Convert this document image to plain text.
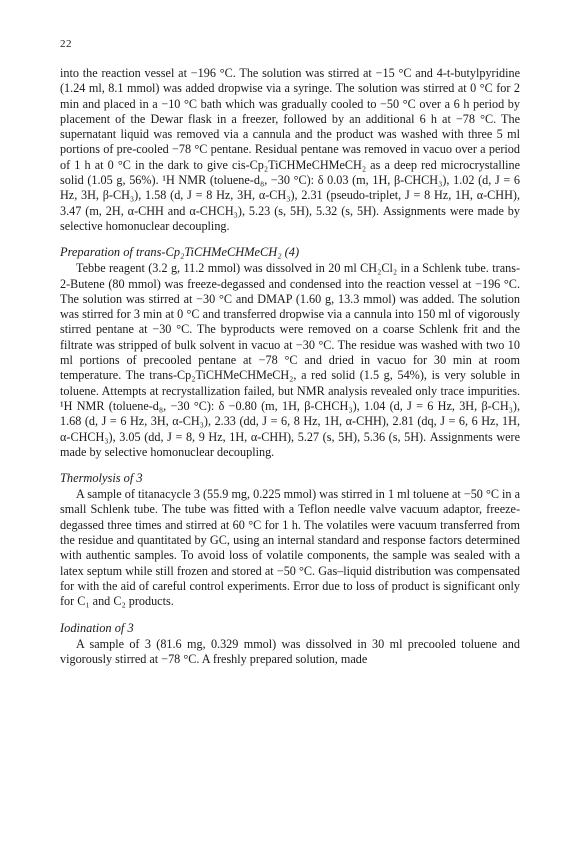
22

into the reaction vessel at −196 °C. The solution was stirred at −15 °C and 4-t-butylpyridine (1.24 ml, 8.1 mmol) was added dropwise via a syringe. The solution was stirred at 0 °C for 2 min and placed in a −10 °C bath which was gradually cooled to −50 °C over a 6 h period by placement of the Dewar flask in a freezer, followed by an additional 6 h at −78 °C. The supernatant liquid was removed via a cannula and the product was washed with three 5 ml portions of pre-cooled −78 °C pentane. Residual pentane was removed in vacuo over a period of 1 h at 0 °C in the dark to give cis-Cp₂TiCHMeCHMeCH₂ as a deep red microcrystalline solid (1.05 g, 56%). ¹H NMR (toluene-d₈, −30 °C): δ 0.03 (m, 1H, β-CHCH₃), 1.02 (d, J = 6 Hz, 3H, β-CH₃), 1.58 (d, J = 8 Hz, 3H, α-CH₃), 2.31 (pseudo-triplet, J = 8 Hz, 1H, α-CHH), 3.47 (m, 2H, α-CHH and α-CHCH₃), 5.23 (s, 5H), 5.32 (s, 5H). Assignments were made by selective homonuclear decoupling.

Preparation of trans-Cp₂TiCHMeCHMeCH₂ (4)

Tebbe reagent (3.2 g, 11.2 mmol) was dissolved in 20 ml CH₂Cl₂ in a Schlenk tube. trans-2-Butene (80 mmol) was freeze-degassed and condensed into the reaction vessel at −196 °C. The solution was stirred at −30 °C and DMAP (1.60 g, 13.3 mmol) was added. The solution was stirred for 3 min at 0 °C and transferred dropwise via a cannula into 150 ml of vigorously stirred pentane at −30 °C. The byproducts were removed on a coarse Schlenk frit and the filtrate was stripped of bulk solvent in vacuo at −30 °C. The residue was washed with two 10 ml portions of precooled pentane at −78 °C and dried in vacuo for 30 min at room temperature. The trans-Cp₂TiCHMeCHMeCH₂, a red solid (1.5 g, 54%), is very soluble in toluene. Attempts at recrystallization failed, but NMR analysis revealed only trace impurities. ¹H NMR (toluene-d₈, −30 °C): δ −0.80 (m, 1H, β-CHCH₃), 1.04 (d, J = 6 Hz, 3H, β-CH₃), 1.68 (d, J = 6 Hz, 3H, α-CH₃), 2.33 (dd, J = 6, 8 Hz, 1H, α-CHH), 2.81 (dq, J = 6, 6 Hz, 1H, α-CHCH₃), 3.05 (dd, J = 8, 9 Hz, 1H, α-CHH), 5.27 (s, 5H), 5.36 (s, 5H). Assignments were made by selective homonuclear decoupling.

Thermolysis of 3

A sample of titanacycle 3 (55.9 mg, 0.225 mmol) was stirred in 1 ml toluene at −50 °C in a small Schlenk tube. The tube was fitted with a Teflon needle valve vacuum adaptor, freeze-degassed three times and stirred at 60 °C for 1 h. The volatiles were vacuum transferred from the residue and quantitated by GC, using an internal standard and response factors determined with authentic samples. To avoid loss of volatile components, the sample was sealed with a latex septum while still frozen and stored at −50 °C. Gas–liquid distribution was compensated for with the aid of careful control experiments. Error due to loss of product is significant only for C₁ and C₂ products.

Iodination of 3

A sample of 3 (81.6 mg, 0.329 mmol) was dissolved in 30 ml precooled toluene and vigorously stirred at −78 °C. A freshly prepared solution, made
